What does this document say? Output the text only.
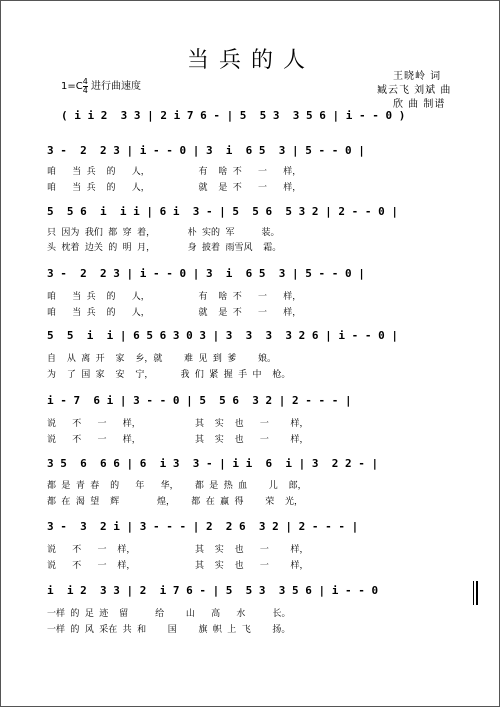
当兵的人
王晓岭 词
臧云飞 刘斌 曲
欣 曲 制谱
$1=C \frac{4}{4}$ 进行曲速度
( i i 2  3 3 | 2 i 7 6 - | 5  5 3  3 5 6 | i - - 0 )
3 -  2  2 3 | i - - 0 | 3  i  6 5  3 | 5 - - 0 |
咱   当 兵  的   人，         有  啥 不   一   样，
咱   当 兵  的   人，         就  是 不   一   样，
5  5 6  i  i i | 6 i  3 - | 5  5 6  5 3 2 | 2 - - 0 |
只 因为 我们 都 穿 着，      朴 实的 军     装。
头 枕着 边关 的 明 月，      身 披着 雨雪风  霜。
3 -  2  2 3 | i - - 0 | 3  i  6 5  3 | 5 - - 0 |
咱   当 兵  的   人，         有  啥 不   一   样，
咱   当 兵  的   人，         就  是 不   一   样，
5  5  i  i | 6 5 6 3 0 3 | 3  3  3  3 2 6 | i - - 0 |
自  从 离 开  家  乡，就    难 见 到 爹    娘。
为  了 国 家  安  宁，     我 们 紧 握 手 中  枪。
i - 7  6 i | 3 - - 0 | 5  5 6  3 2 | 2 - - - |
说   不   一   样，          其  实  也   一    样，
说   不   一   样，          其  实  也   一    样，
3 5  6  6 6 | 6  i 3  3 - | i i  6  i | 3  2 2 - |
都 是 青 春  的   年   华，   都 是 热 血    儿  郎，
都 在 渴 望  辉       煌，   都 在 赢 得    荣  光，
3 -  3  2 i | 3 - - - | 2  2 6  3 2 | 2 - - - |
说   不   一  样，           其  实  也   一    样，
说   不   一  样，           其  实  也   一    样，
i  i 2  3 3 | 2  i 7 6 - | 5  5 3  3 5 6 | i - - 0
一样 的 足 迹  留     给    山   高   水     长。
一样 的 风 采在 共 和    国    旗 帜 上 飞    扬。
